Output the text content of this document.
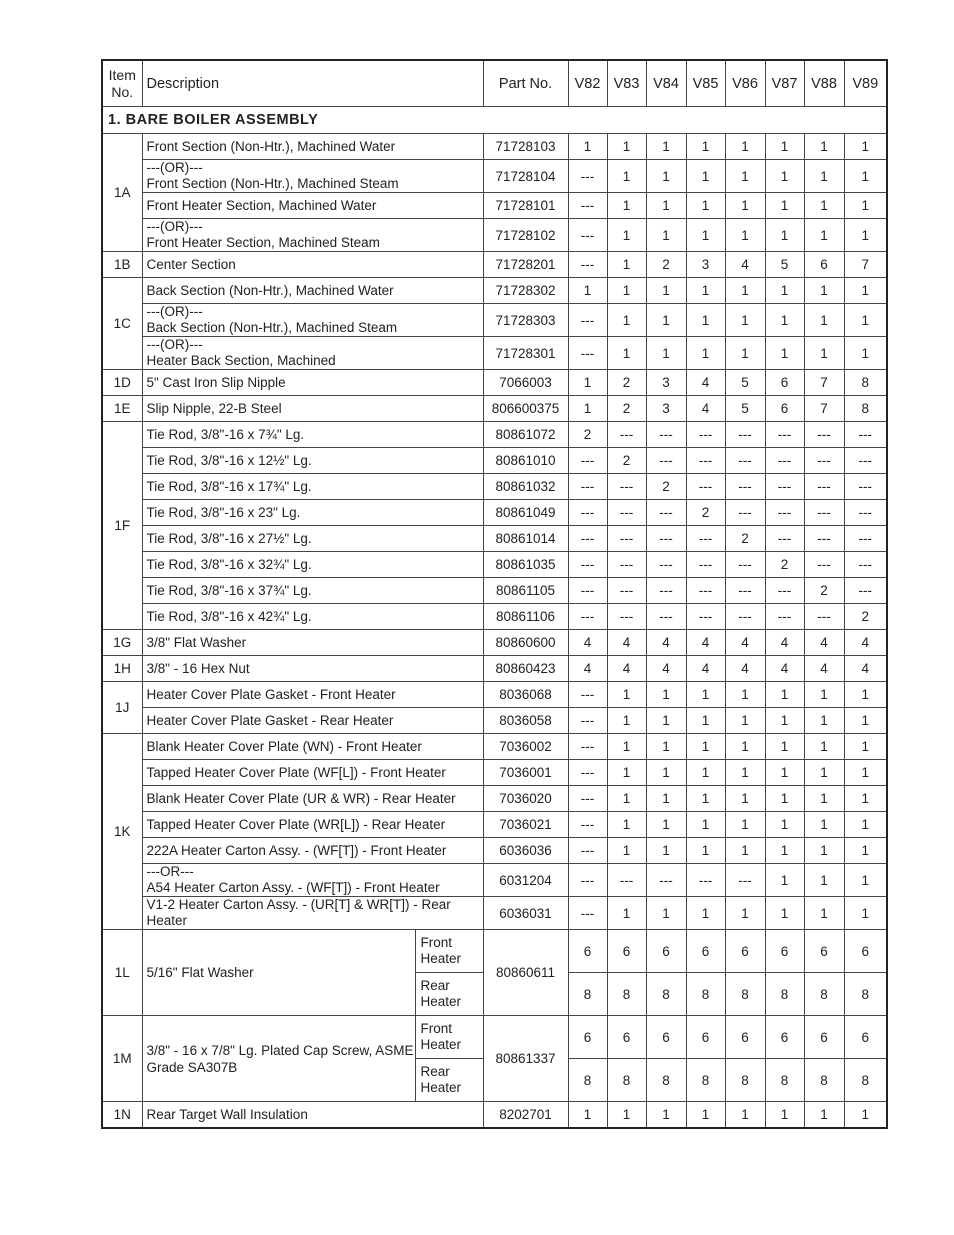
Item No.	Description		Part No.	V82	V83	V84	V85	V86	V87	V88	V89
1. BARE BOILER ASSEMBLY											
1A	Front Section (Non-Htr.), Machined Water		71728103	1	1	1	1	1	1	1	1

	---(OR)---
Front Section (Non-Htr.), Machined Steam		71728104	---	1	1	1	1	1	1	1

	Front Heater Section, Machined Water		71728101	---	1	1	1	1	1	1	1

	---(OR)---
Front Heater Section, Machined Steam		71728102	---	1	1	1	1	1	1	1
1B	Center Section		71728201	---	1	2	3	4	5	6	7
1C	Back Section (Non-Htr.), Machined Water		71728302	1	1	1	1	1	1	1	1

	---(OR)---
Back Section (Non-Htr.), Machined Steam		71728303	---	1	1	1	1	1	1	1

	---(OR)---
Heater Back Section, Machined		71728301	---	1	1	1	1	1	1	1
1D	5" Cast Iron Slip Nipple		7066003	1	2	3	4	5	6	7	8
1E	Slip Nipple, 22-B Steel		806600375	1	2	3	4	5	6	7	8
1F	Tie Rod, 3/8"-16 x 7¾" Lg.		80861072	2	---	---	---	---	---	---	---

	Tie Rod, 3/8"-16 x 12½" Lg.		80861010	---	2	---	---	---	---	---	---

	Tie Rod, 3/8"-16 x 17¾" Lg.		80861032	---	---	2	---	---	---	---	---

	Tie Rod, 3/8"-16 x 23" Lg.		80861049	---	---	---	2	---	---	---	---

	Tie Rod, 3/8"-16 x 27½" Lg.		80861014	---	---	---	---	2	---	---	---

	Tie Rod, 3/8"-16 x 32¾" Lg.		80861035	---	---	---	---	---	2	---	---

	Tie Rod, 3/8"-16 x 37¾" Lg.		80861105	---	---	---	---	---	---	2	---

	Tie Rod, 3/8"-16 x 42¾" Lg.		80861106	---	---	---	---	---	---	---	2
1G	3/8" Flat Washer		80860600	4	4	4	4	4	4	4	4
1H	3/8" - 16 Hex Nut		80860423	4	4	4	4	4	4	4	4
1J	Heater Cover Plate Gasket - Front Heater		8036068	---	1	1	1	1	1	1	1

	Heater Cover Plate Gasket - Rear Heater		8036058	---	1	1	1	1	1	1	1
1K	Blank Heater Cover Plate (WN) - Front Heater		7036002	---	1	1	1	1	1	1	1

	Tapped Heater Cover Plate (WF[L]) - Front Heater		7036001	---	1	1	1	1	1	1	1

	Blank Heater Cover Plate (UR & WR) - Rear Heater		7036020	---	1	1	1	1	1	1	1

	Tapped Heater Cover Plate (WR[L]) - Rear Heater		7036021	---	1	1	1	1	1	1	1

	222A Heater Carton Assy. - (WF[T]) - Front Heater		6036036	---	1	1	1	1	1	1	1

	---OR---
A54 Heater Carton Assy. - (WF[T]) - Front Heater		6031204	---	---	---	---	---	1	1	1

	V1-2 Heater Carton Assy. - (UR[T] & WR[T]) - Rear Heater		6036031	---	1	1	1	1	1	1	1
1L	5/16" Flat Washer	Front Heater	80860611	6	6	6	6	6	6	6	6
		Rear Heater		8	8	8	8	8	8	8	8
1M	3/8" - 16 x 7/8" Lg. Plated Cap Screw, ASME Grade SA307B	Front Heater	80861337	6	6	6	6	6	6	6	6
		Rear Heater		8	8	8	8	8	8	8	8
1N	Rear Target Wall Insulation		8202701	1	1	1	1	1	1	1	1
